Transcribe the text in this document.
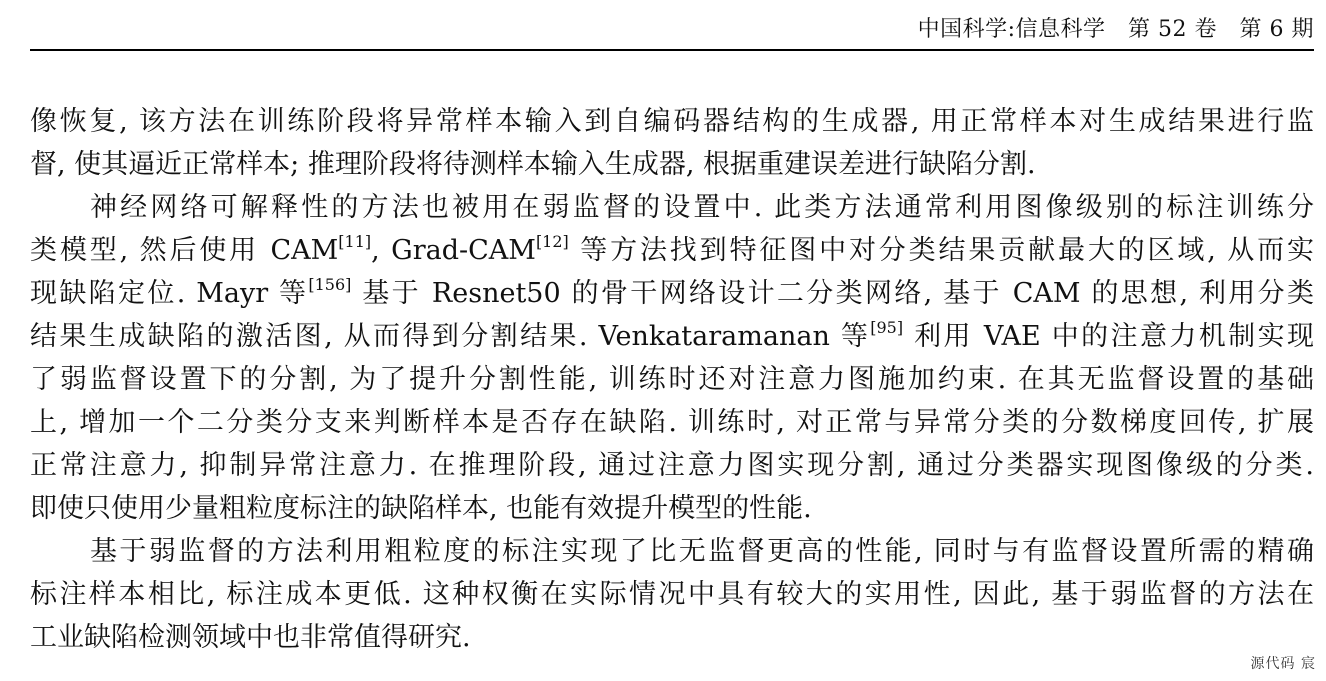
中国科学:信息科学 第 52 卷 第 6 期

像恢复, 该方法在训练阶段将异常样本输入到自编码器结构的生成器, 用正常样本对生成结果进行监
督, 使其逼近正常样本; 推理阶段将待测样本输入生成器, 根据重建误差进行缺陷分割.

神经网络可解释性的方法也被用在弱监督的设置中. 此类方法通常利用图像级别的标注训练分
类模型, 然后使用 CAM[11], Grad-CAM[12] 等方法找到特征图中对分类结果贡献最大的区域, 从而实
现缺陷定位. Mayr 等[156] 基于 Resnet50 的骨干网络设计二分类网络, 基于 CAM 的思想, 利用分类
结果生成缺陷的激活图, 从而得到分割结果. Venkataramanan 等[95] 利用 VAE 中的注意力机制实现
了弱监督设置下的分割, 为了提升分割性能, 训练时还对注意力图施加约束. 在其无监督设置的基础
上, 增加一个二分类分支来判断样本是否存在缺陷. 训练时, 对正常与异常分类的分数梯度回传, 扩展
正常注意力, 抑制异常注意力. 在推理阶段, 通过注意力图实现分割, 通过分类器实现图像级的分类.
即使只使用少量粗粒度标注的缺陷样本, 也能有效提升模型的性能.

基于弱监督的方法利用粗粒度的标注实现了比无监督更高的性能, 同时与有监督设置所需的精确
标注样本相比, 标注成本更低. 这种权衡在实际情况中具有较大的实用性, 因此, 基于弱监督的方法在
工业缺陷检测领域中也非常值得研究.

源代码 宸
